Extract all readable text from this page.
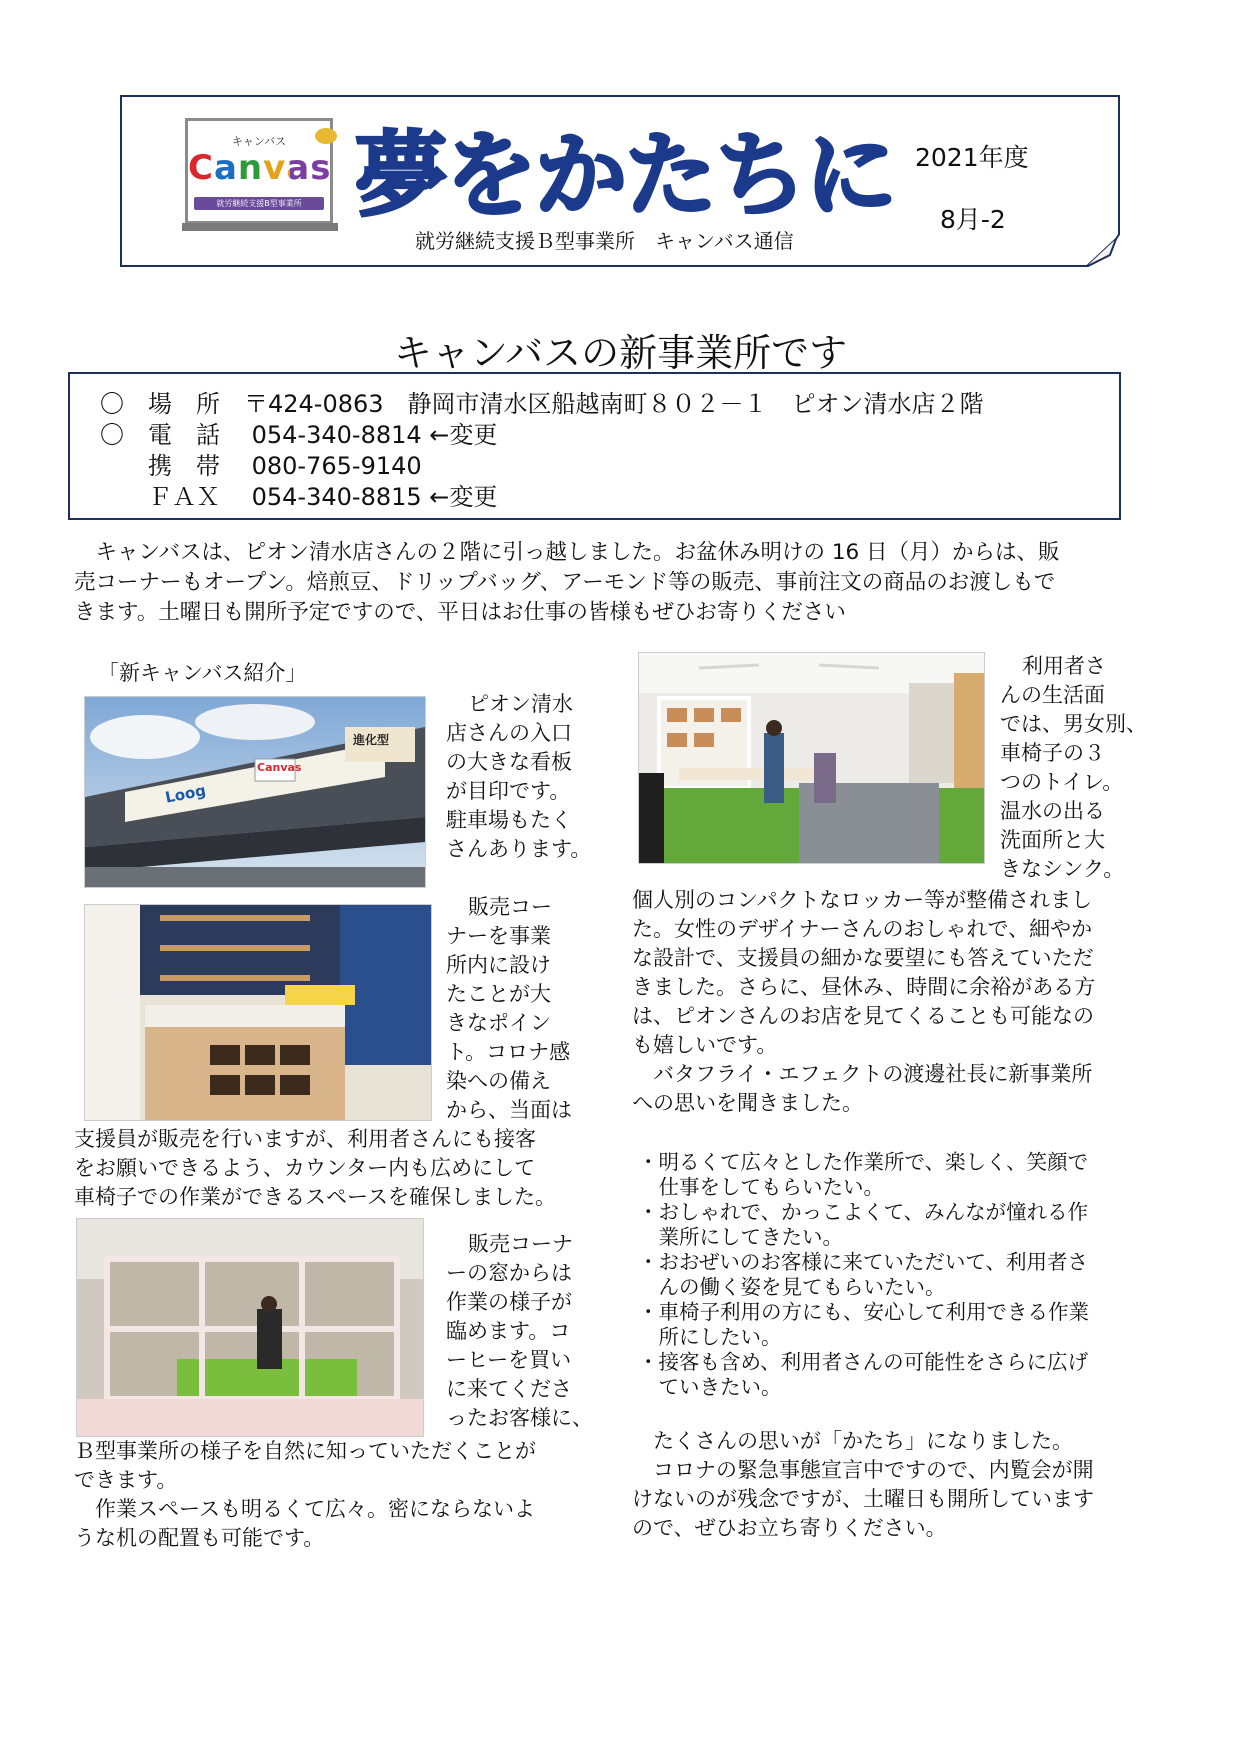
キャンバス
Canvas
就労継続支援B型事業所 夢をかたちに 2021年度
8月-2
就労継続支援Ｂ型事業所　キャンバス通信
キャンバスの新事業所です
〇　場　所　〒424-0863　静岡市清水区船越南町８０２－１　ピオン清水店２階
〇　電　話　 054-340-8814 ←変更
　　携　帯　 080-765-9140
　　ＦＡＸ　 054-340-8815 ←変更

　キャンバスは、ピオン清水店さんの２階に引っ越しました。お盆休み明けの 16 日（月）からは、販

売コーナーもオープン。焙煎豆、ドリップバッグ、アーモンド等の販売、事前注文の商品のお渡しもで

きます。土曜日も開所予定ですので、平日はお仕事の皆様もぜひお寄りください

「新キャンバス紹介」
Loog
Canvas
進化型
ピオン清水
店さんの入口
の大きな看板
が目印です。
駐車場もたく
さんあります。
販売コー
ナーを事業
所内に設け
たことが大
きなポイン
ト。コロナ感
染への備え
から、当面は
支援員が販売を行いますが、利用者さんにも接客
をお願いできるよう、カウンター内も広めにして
車椅子での作業ができるスペースを確保しました。
販売コーナ
ーの窓からは
作業の様子が
臨めます。コ
ーヒーを買い
に来てくださ
ったお客様に、
Ｂ型事業所の様子を自然に知っていただくことが
できます。
　作業スペースも明るくて広々。密にならないよ
うな机の配置も可能です。
利用者さ
んの生活面
では、男女別、
車椅子の３
つのトイレ。
温水の出る
洗面所と大
きなシンク。
個人別のコンパクトなロッカー等が整備されまし
た。女性のデザイナーさんのおしゃれで、細やか
な設計で、支援員の細かな要望にも答えていただ
きました。さらに、昼休み、時間に余裕がある方
は、ピオンさんのお店を見てくることも可能なの
も嬉しいです。
　バタフライ・エフェクトの渡邊社長に新事業所
への思いを聞きました。
・明るくて広々とした作業所で、楽しく、笑顔で
　仕事をしてもらいたい。
・おしゃれで、かっこよくて、みんなが憧れる作
　業所にしてきたい。
・おおぜいのお客様に来ていただいて、利用者さ
　んの働く姿を見てもらいたい。
・車椅子利用の方にも、安心して利用できる作業
　所にしたい。
・接客も含め、利用者さんの可能性をさらに広げ
　ていきたい。
　たくさんの思いが「かたち」になりました。
　コロナの緊急事態宣言中ですので、内覧会が開
けないのが残念ですが、土曜日も開所しています
ので、ぜひお立ち寄りください。
